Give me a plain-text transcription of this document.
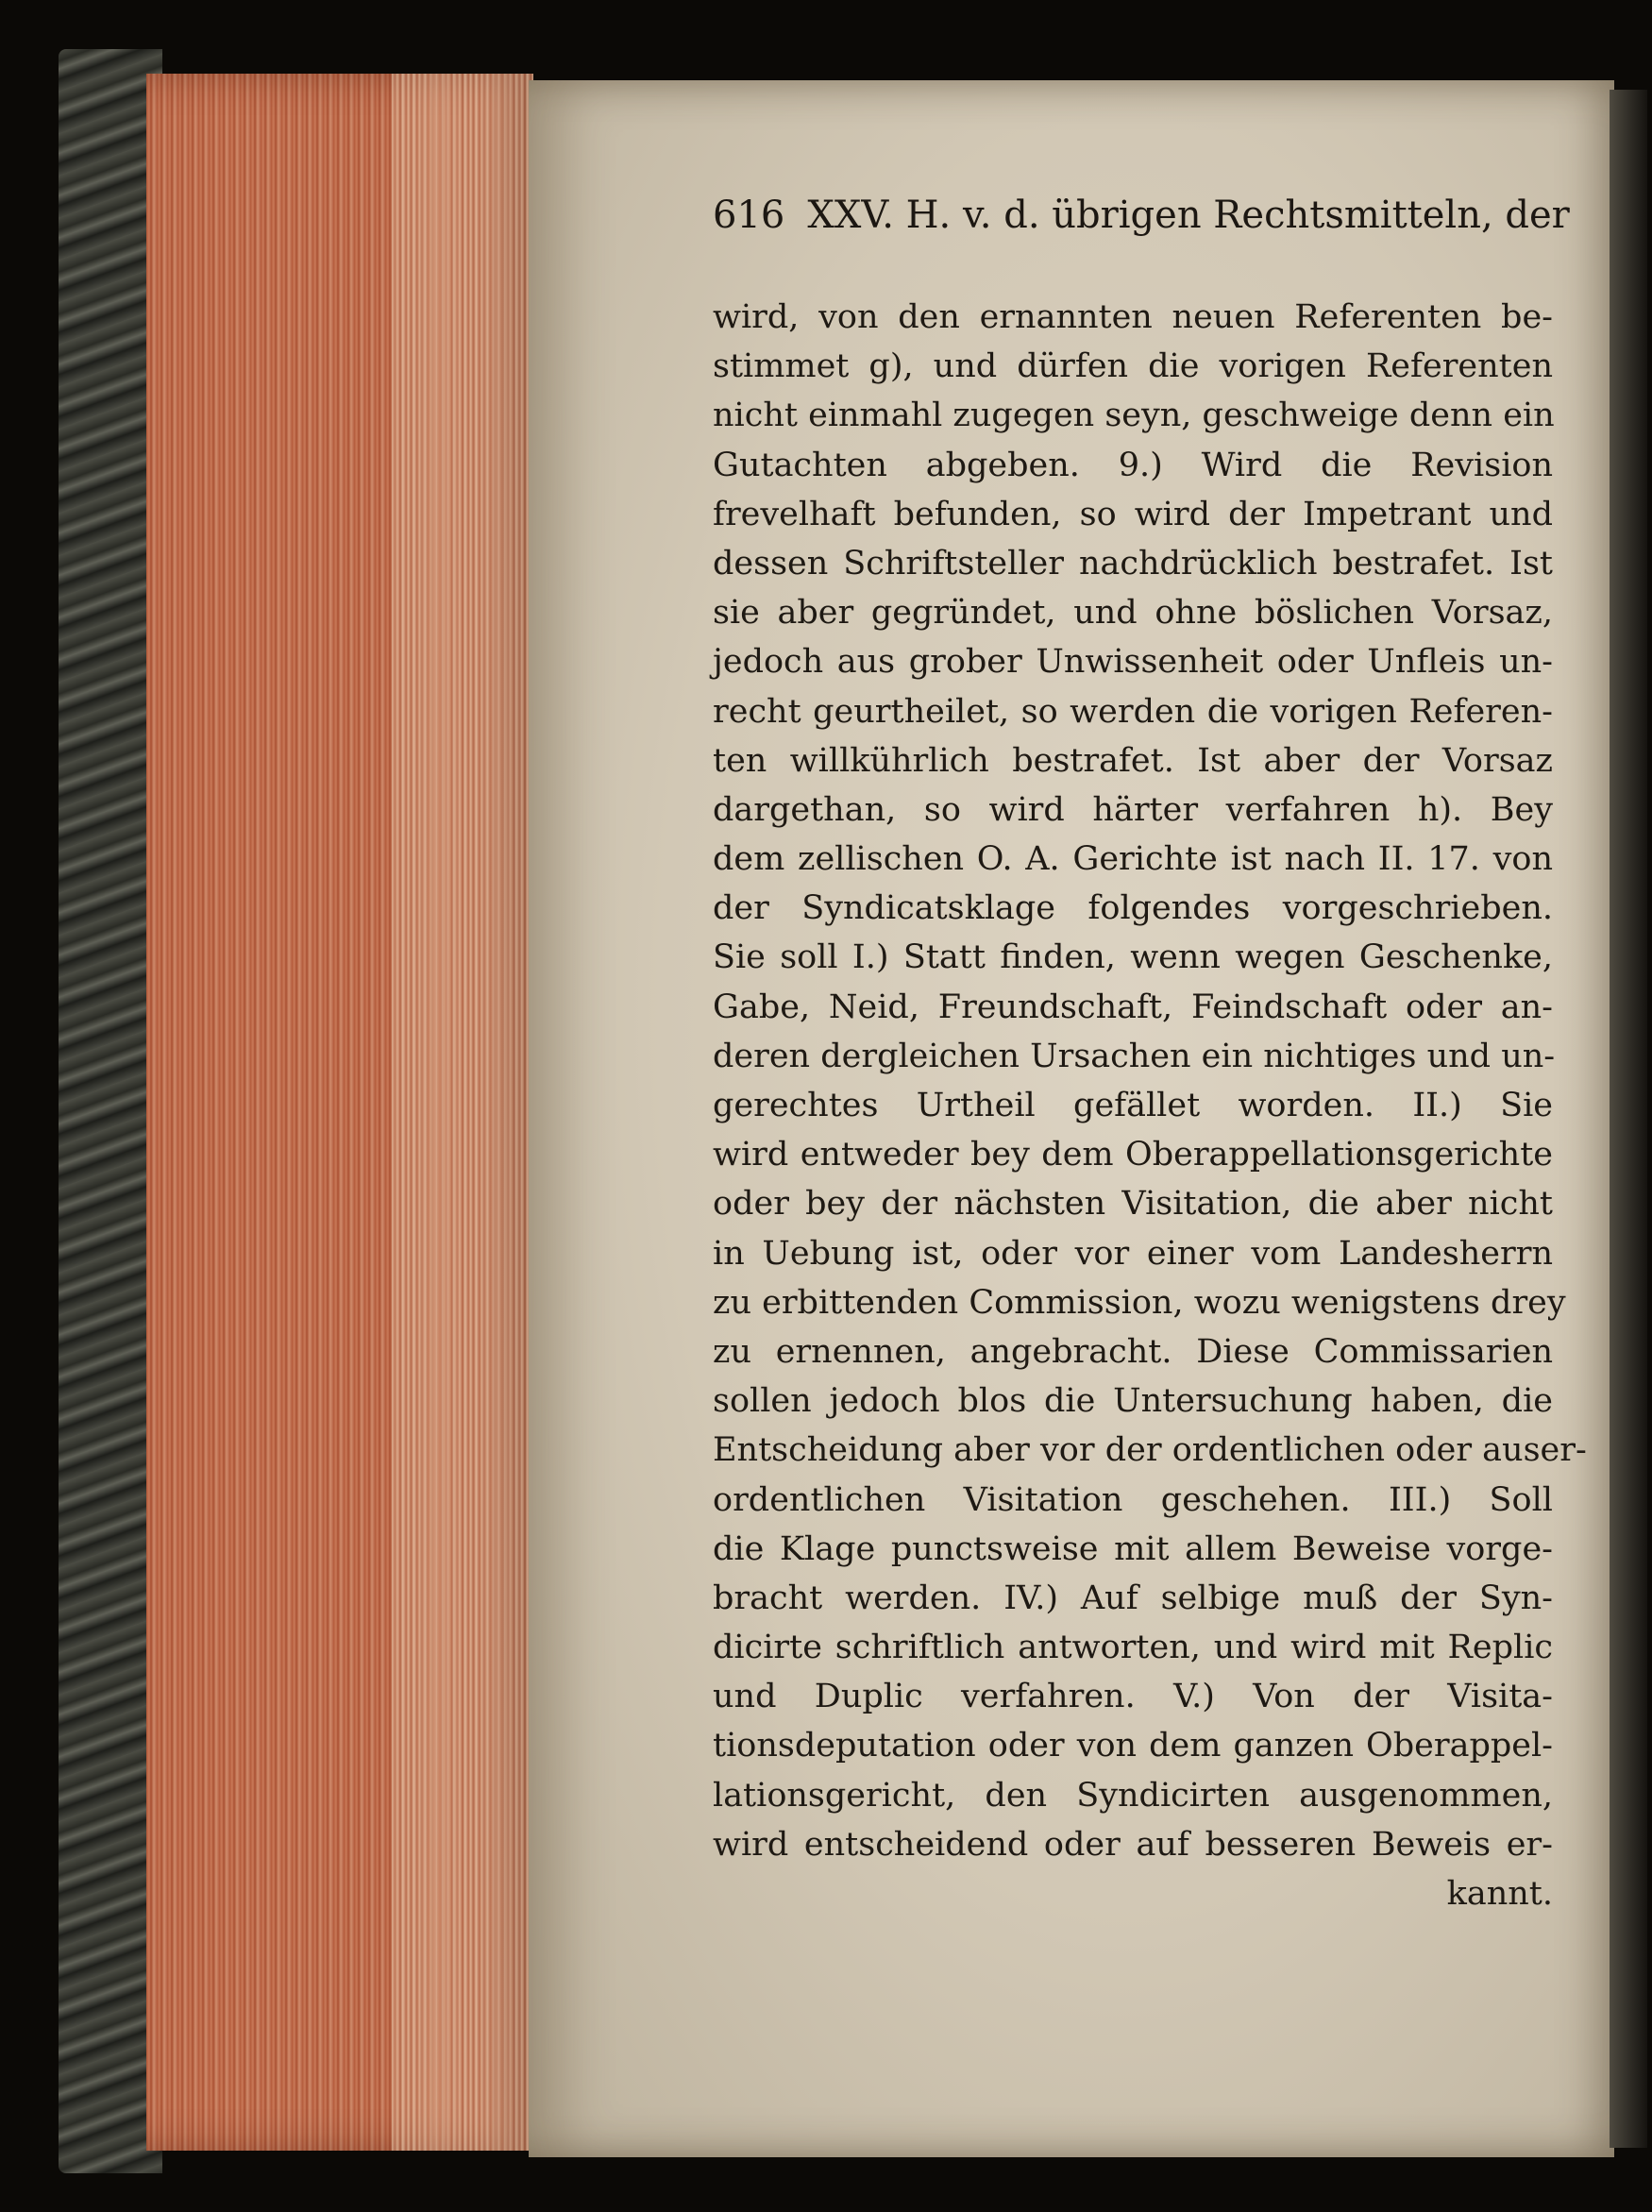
616 XXV. H. v. d. übrigen Rechtsmitteln, der
wird, von den ernannten neuen Referenten be-
stimmet g), und dürfen die vorigen Referenten
nicht einmahl zugegen seyn, geschweige denn ein
Gutachten abgeben. 9.) Wird die Revision
frevelhaft befunden, so wird der Impetrant und
dessen Schriftsteller nachdrücklich bestrafet. Ist
sie aber gegründet, und ohne böslichen Vorsaz,
jedoch aus grober Unwissenheit oder Unfleis un-
recht geurtheilet, so werden die vorigen Referen-
ten willkührlich bestrafet. Ist aber der Vorsaz
dargethan, so wird härter verfahren h). Bey
dem zellischen O. A. Gerichte ist nach II. 17. von
der Syndicatsklage folgendes vorgeschrieben.
Sie soll I.) Statt finden, wenn wegen Geschenke,
Gabe, Neid, Freundschaft, Feindschaft oder an-
deren dergleichen Ursachen ein nichtiges und un-
gerechtes Urtheil gefället worden. II.) Sie
wird entweder bey dem Oberappellationsgerichte
oder bey der nächsten Visitation, die aber nicht
in Uebung ist, oder vor einer vom Landesherrn
zu erbittenden Commission, wozu wenigstens drey
zu ernennen, angebracht. Diese Commissarien
sollen jedoch blos die Untersuchung haben, die
Entscheidung aber vor der ordentlichen oder auser-
ordentlichen Visitation geschehen. III.) Soll
die Klage punctsweise mit allem Beweise vorge-
bracht werden. IV.) Auf selbige muß der Syn-
dicirte schriftlich antworten, und wird mit Replic
und Duplic verfahren. V.) Von der Visita-
tionsdeputation oder von dem ganzen Oberappel-
lationsgericht, den Syndicirten ausgenommen,
wird entscheidend oder auf besseren Beweis er-
kannt.
